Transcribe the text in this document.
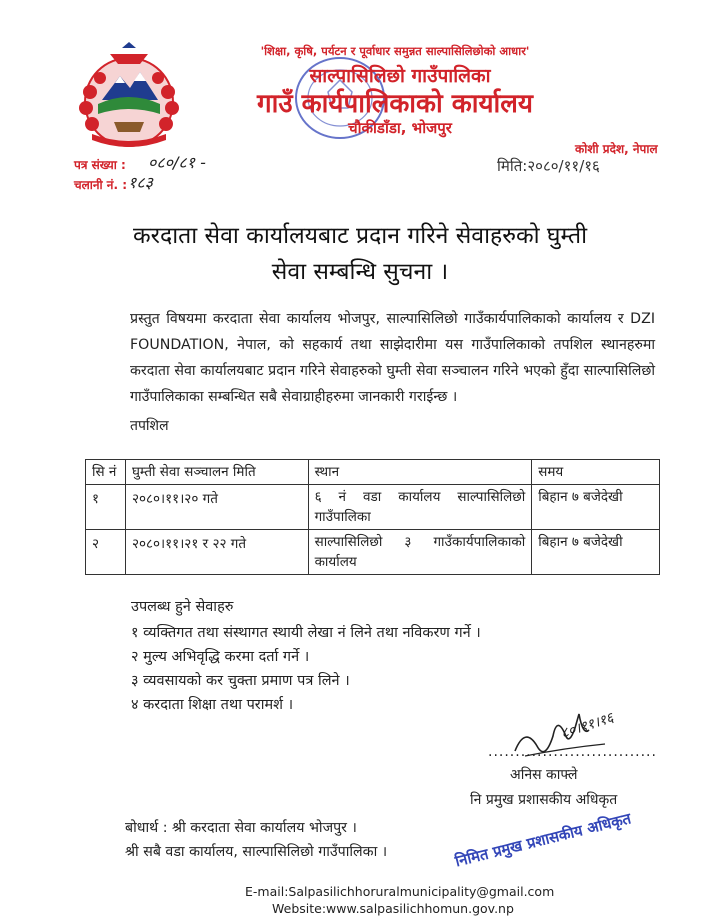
'शिक्षा, कृषि, पर्यटन र पूर्वाधार समुन्नत साल्पासिलिछोको आधार'
साल्पासिलिछो गाउँपालिका
गाउँ कार्यपालिकाको कार्यालय
चौकीडाँडा, भोजपुर
कोशी प्रदेश, नेपाल
पत्र संख्या : ०८०/८१ -
चलानी नं. : १८३
मिति:२०८०/११/१६
करदाता सेवा कार्यालयबाट प्रदान गरिने सेवाहरुको घुम्ती
सेवा सम्बन्धि सुचना ।
प्रस्तुत विषयमा करदाता सेवा कार्यालय भोजपुर, साल्पासिलिछो गाउँकार्यपालिकाको कार्यालय र DZI FOUNDATION, नेपाल, को सहकार्य तथा साझेदारीमा यस गाउँपालिकाको तपशिल स्थानहरुमा करदाता सेवा कार्यालयबाट प्रदान गरिने सेवाहरुको घुम्ती सेवा सञ्चालन गरिने भएको हुँदा साल्पासिलिछो गाउँपालिकाका सम्बन्धित सबै सेवाग्राहीहरुमा जानकारी गराईन्छ ।
तपशिल
सि नं	घुम्ती सेवा सञ्चालन मिति	स्थान	समय
१	२०८०।११।२० गते	६ नं वडा कार्यालय साल्पासिलिछो गाउँपालिका	बिहान ७ बजेदेखी
२	२०८०।११।२१ र २२ गते	साल्पासिलिछो ३ गाउँकार्यपालिकाको कार्यालय	बिहान ७ बजेदेखी
उपलब्ध हुने सेवाहरु
१ व्यक्तिगत तथा संस्थागत स्थायी लेखा नं लिने तथा नविकरण गर्ने ।
२ मुल्य अभिवृद्धि करमा दर्ता गर्ने ।
३ व्यवसायको कर चुक्ता प्रमाण पत्र लिने ।
४ करदाता शिक्षा तथा परामर्श ।
८०।११।१६
...............................
अनिस काफ्ले
नि प्रमुख प्रशासकीय अधिकृत
बोधार्थ : श्री करदाता सेवा कार्यालय भोजपुर ।
श्री सबै वडा कार्यालय, साल्पासिलिछो गाउँपालिका ।	निमित प्रमुख प्रशासकीय अधिकृत
E-mail:Salpasilichhoruralmunicipality@gmail.com
Website:www.salpasilichhomun.gov.np
